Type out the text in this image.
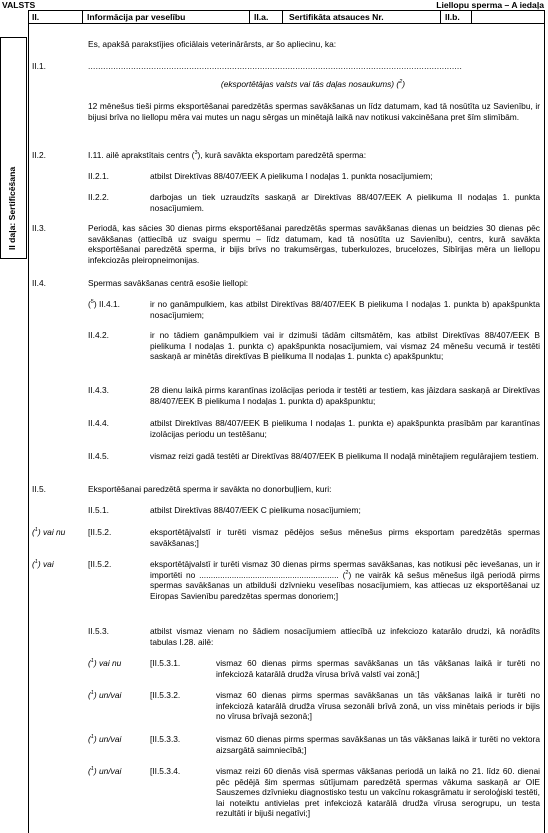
VALSTS	Liellopu sperma – A iedaļa
II.	Informācija par veselību	II.a.	Sertifikāta atsauces Nr.	II.b.
II daļa: Sertificēšana
Es, apakšā parakstījies oficiālais veterinārārsts, ar šo apliecinu, ka:
II.1.	....................................................................................................................................................
(eksportētājas valsts vai tās daļas nosaukums) ($^2$)
12 mēnešus tieši pirms eksportēšanai paredzētās spermas savākšanas un līdz datumam, kad tā nosūtīta uz Savienību, ir bijusi brīva no liellopu mēra vai mutes un nagu sērgas un minētajā laikā nav notikusi vakcinēšana pret šīm slimībām.
II.2.	I.11. ailē aprakstītais centrs ($^3$), kurā savākta eksportam paredzētā sperma:
II.2.1.	atbilst Direktīvas 88/407/EEK A pielikuma I nodaļas 1. punkta nosacījumiem;
II.2.2.	darbojas un tiek uzraudzīts saskaņā ar Direktīvas 88/407/EEK A pielikuma II nodaļas 1. punkta nosacījumiem.
II.3.	Periodā, kas sācies 30 dienas pirms eksportēšanai paredzētās spermas savākšanas dienas un beidzies 30 dienas pēc savākšanas (attiecībā uz svaigu spermu – līdz datumam, kad tā nosūtīta uz Savienību), centrs, kurā savākta eksportēšanai paredzētā sperma, ir bijis brīvs no trakumsērgas, tuberkulozes, brucelozes, Sibīrijas mēra un liellopu infekciozās pleiropneimonijas.
II.4.	Spermas savākšanas centrā esošie liellopi:
($^5$) II.4.1.	ir no ganāmpulkiem, kas atbilst Direktīvas 88/407/EEK B pielikuma I nodaļas 1. punkta b) apakšpunkta nosacījumiem;
II.4.2.	ir no tādiem ganāmpulkiem vai ir dzimuši tādām ciltsmātēm, kas atbilst Direktīvas 88/407/EEK B pielikuma I nodaļas 1. punkta c) apakšpunkta nosacījumiem, vai vismaz 24 mēnešu vecumā ir testēti saskaņā ar minētās direktīvas B pielikuma II nodaļas 1. punkta c) apakšpunktu;
II.4.3.	28 dienu laikā pirms karantīnas izolācijas perioda ir testēti ar testiem, kas jāizdara saskaņā ar Direktīvas 88/407/EEK B pielikuma I nodaļas 1. punkta d) apakšpunktu;
II.4.4.	atbilst Direktīvas 88/407/EEK B pielikuma I nodaļas 1. punkta e) apakšpunkta prasībām par karantīnas izolācijas periodu un testēšanu;
II.4.5.	vismaz reizi gadā testēti ar Direktīvas 88/407/EEK B pielikuma II nodaļā minētajiem regulārajiem testiem.
II.5.	Eksportēšanai paredzētā sperma ir savākta no donorbuļļiem, kuri:
II.5.1.	atbilst Direktīvas 88/407/EEK C pielikuma nosacījumiem;
($^1$) vai nu	[II.5.2.	eksportētājvalstī ir turēti vismaz pēdējos sešus mēnešus pirms eksportam paredzētās spermas savākšanas;]
($^1$) vai	[II.5.2.	eksportētājvalstī ir turēti vismaz 30 dienas pirms spermas savākšanas, kas notikusi pēc ievešanas, un ir importēti no ............................................................ ($^2$) ne vairāk kā sešus mēnešus ilgā periodā pirms spermas savākšanas un atbilduši dzīvnieku veselības nosacījumiem, kas attiecas uz eksportēšanai uz Eiropas Savienību paredzētas spermas donoriem;]
II.5.3.	atbilst vismaz vienam no šādiem nosacījumiem attiecībā uz infekciozo katarālo drudzi, kā norādīts tabulas I.28. ailē:
($^1$) vai nu	[II.5.3.1.	vismaz 60 dienas pirms spermas savākšanas un tās vākšanas laikā ir turēti no infekciozā katarālā drudža vīrusa brīvā valstī vai zonā;]
($^1$) un/vai	[II.5.3.2.	vismaz 60 dienas pirms spermas savākšanas un tās vākšanas laikā ir turēti no infekciozā katarālā drudža vīrusa sezonāli brīvā zonā, un viss minētais periods ir bijis no vīrusa brīvajā sezonā;]
($^1$) un/vai	[II.5.3.3.	vismaz 60 dienas pirms spermas savākšanas un tās vākšanas laikā ir turēti no vektora aizsargātā saimniecībā;]
($^1$) un/vai	[II.5.3.4.	vismaz reizi 60 dienās visā spermas vākšanas periodā un laikā no 21. līdz 60. dienai pēc pēdējā šim spermas sūtījumam paredzētā spermas vākuma saskaņā ar OIE Sauszemes dzīvnieku diagnostisko testu un vakcīnu rokasgrāmatu ir seroloģiski testēti, lai noteiktu antivielas pret infekciozā katarālā drudža vīrusa serogrupu, un testa rezultāti ir bijuši negatīvi;]
